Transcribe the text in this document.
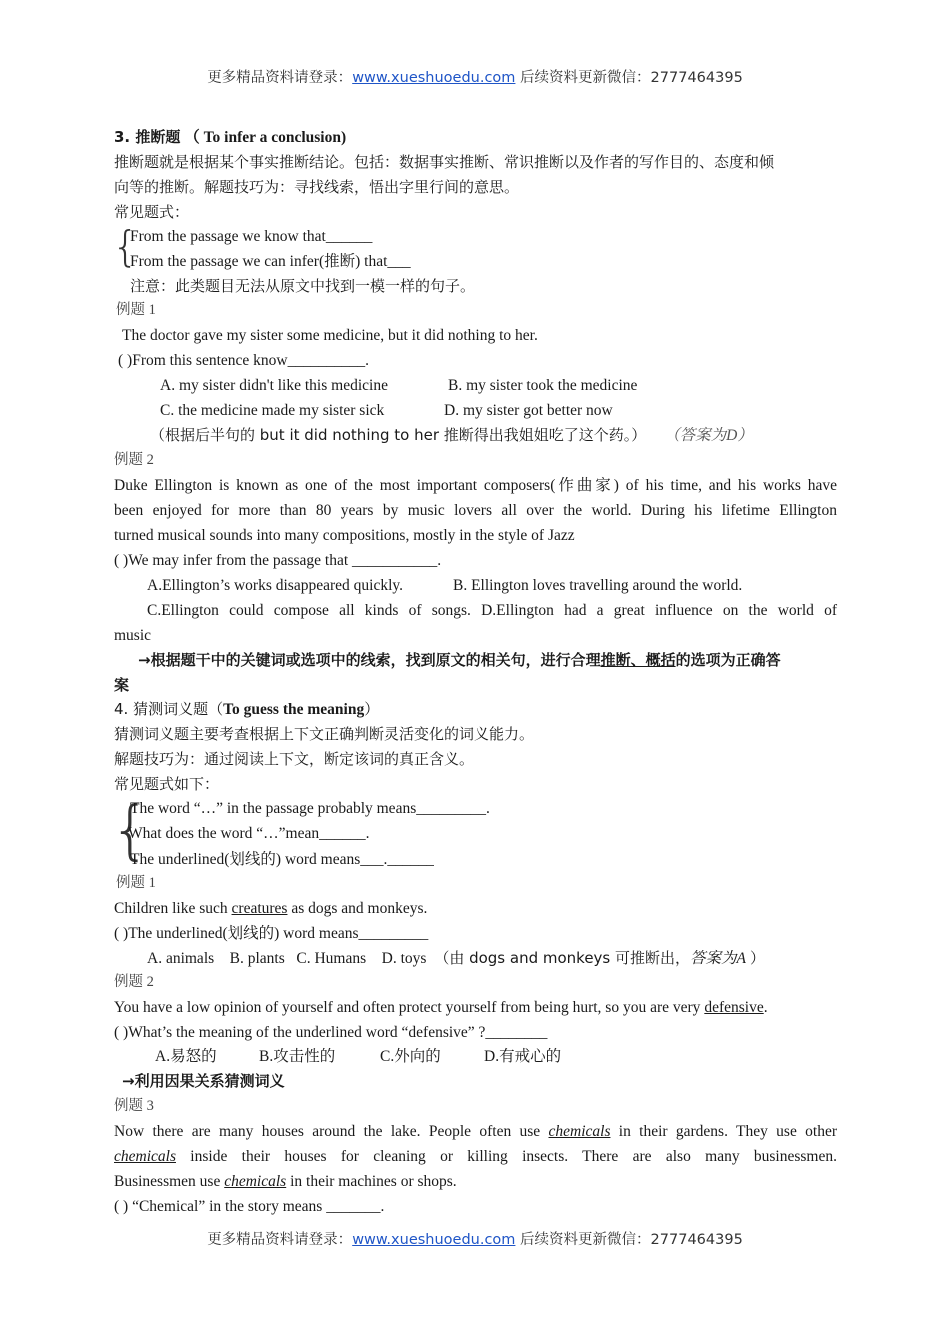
更多精品资料请登录：www.xueshuoedu.com 后续资料更新微信：2777464395
3. 推断题 （ To infer a conclusion)
推断题就是根据某个事实推断结论。包括：数据事实推断、常识推断以及作者的写作目的、态度和倾
向等的推断。解题技巧为：寻找线索，悟出字里行间的意思。
常见题式：
{
From the passage we know that______
From the passage we can infer(推断) that___
注意：此类题目无法从原文中找到一模一样的句子。
例题 1
The doctor gave my sister some medicine, but it did nothing to her.
( )From this sentence know__________.
A. my sister didn't like this medicine	B. my sister took the medicine
C. the medicine made my sister sick	D. my sister got better now
（根据后半句的 but it did nothing to her 推断得出我姐姐吃了这个药。） （答案为D）
例题 2
Duke Ellington is known as one of the most important composers(作曲家) of his time, and his works have
been enjoyed for more than 80 years by music lovers all over the world. During his lifetime Ellington
turned musical sounds into many compositions, mostly in the style of Jazz
( )We may infer from the passage that ___________.
A.Ellington’s works disappeared quickly.	B. Ellington loves travelling around the world.
C.Ellington could compose all kinds of songs. D.Ellington had a great influence on the world of
music
→根据题干中的关键词或选项中的线索，找到原文的相关句，进行合理推断、概括的选项为正确答
案
4. 猜测词义题（To guess the meaning）
猜测词义题主要考查根据上下文正确判断灵活变化的词义能力。
解题技巧为：通过阅读上下文，断定该词的真正含义。
常见题式如下：
{
The word “…” in the passage probably means_________.
What does the word “…”mean______.
The underlined(划线的) word means___.______
例题 1
Children like such creatures as dogs and monkeys.
( )The underlined(划线的) word means_________
A. animals    B. plants   C. Humans    D. toys （由 dogs and monkeys 可推断出，答案为A ）
例题 2
You have a low opinion of yourself and often protect yourself from being hurt, so you are very defensive.
( )What’s the meaning of the underlined word “defensive” ?________
A.易怒的	B.攻击性的	C.外向的	D.有戒心的
→利用因果关系猜测词义
例题 3
Now there are many houses around the lake. People often use chemicals in their gardens. They use other
chemicals inside their houses for cleaning or killing insects. There are also many businessmen.
Businessmen use chemicals in their machines or shops.
( ) “Chemical” in the story means _______.
更多精品资料请登录：www.xueshuoedu.com 后续资料更新微信：2777464395
